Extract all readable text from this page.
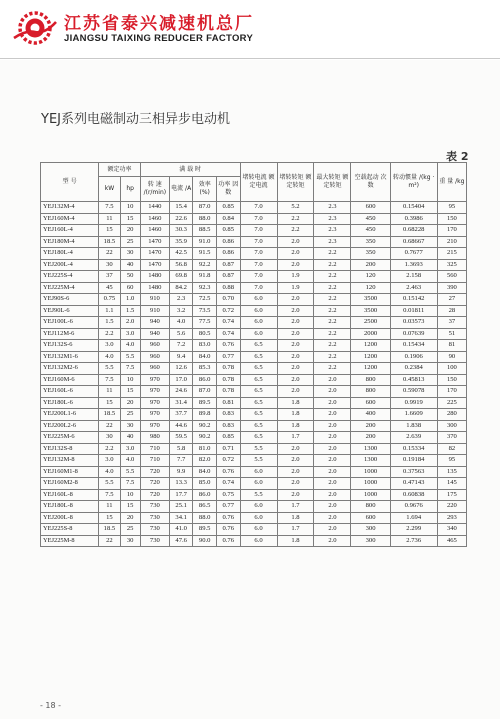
江苏省泰兴减速机总厂
JIANGSU TAIXING REDUCER FACTORY
YEJ系列电磁制动三相异步电动机
表 2
型 号	额定功率		满 载 时				堵转电流 额定电流	堵转转矩 额定转矩	最大转矩 额定转矩	空载起动 次 数	转动惯量 /(kg · m²)	重 量 /kg
	kW	hp	转 速 /(r/min)	电流 /A	效率 (%)	功率 因数						
YEJ132M-4	7.5	10	1440	15.4	87.0	0.85	7.0	5.2	2.3	600	0.15404	95
YEJ160M-4	11	15	1460	22.6	88.0	0.84	7.0	2.2	2.3	450	0.3986	150
YEJ160L-4	15	20	1460	30.3	88.5	0.85	7.0	2.2	2.3	450	0.68228	170
YEJ180M-4	18.5	25	1470	35.9	91.0	0.86	7.0	2.0	2.3	350	0.68667	210
YEJ180L-4	22	30	1470	42.5	91.5	0.86	7.0	2.0	2.2	350	0.7677	215
YEJ200L-4	30	40	1470	56.8	92.2	0.87	7.0	2.0	2.2	200	1.3693	325
YEJ225S-4	37	50	1480	69.8	91.8	0.87	7.0	1.9	2.2	120	2.158	560
YEJ225M-4	45	60	1480	84.2	92.3	0.88	7.0	1.9	2.2	120	2.463	390
YEJ90S-6	0.75	1.0	910	2.3	72.5	0.70	6.0	2.0	2.2	3500	0.15142	27
YEJ90L-6	1.1	1.5	910	3.2	73.5	0.72	6.0	2.0	2.2	3500	0.01811	28
YEJ100L-6	1.5	2.0	940	4.0	77.5	0.74	6.0	2.0	2.2	2500	0.03573	37
YEJ112M-6	2.2	3.0	940	5.6	80.5	0.74	6.0	2.0	2.2	2000	0.07639	51
YEJ132S-6	3.0	4.0	960	7.2	83.0	0.76	6.5	2.0	2.2	1200	0.15434	81
YEJ132M1-6	4.0	5.5	960	9.4	84.0	0.77	6.5	2.0	2.2	1200	0.1906	90
YEJ132M2-6	5.5	7.5	960	12.6	85.3	0.78	6.5	2.0	2.2	1200	0.2384	100
YEJ160M-6	7.5	10	970	17.0	86.0	0.78	6.5	2.0	2.0	800	0.45813	150
YEJ160L-6	11	15	970	24.6	87.0	0.78	6.5	2.0	2.0	800	0.59078	170
YEJ180L-6	15	20	970	31.4	89.5	0.81	6.5	1.8	2.0	600	0.9919	225
YEJ200L1-6	18.5	25	970	37.7	89.8	0.83	6.5	1.8	2.0	400	1.6609	280
YEJ200L2-6	22	30	970	44.6	90.2	0.83	6.5	1.8	2.0	200	1.838	300
YEJ225M-6	30	40	980	59.5	90.2	0.85	6.5	1.7	2.0	200	2.639	370
YEJ132S-8	2.2	3.0	710	5.8	81.0	0.71	5.5	2.0	2.0	1300	0.15334	82
YEJ132M-8	3.0	4.0	710	7.7	82.0	0.72	5.5	2.0	2.0	1300	0.19184	95
YEJ160M1-8	4.0	5.5	720	9.9	84.0	0.76	6.0	2.0	2.0	1000	0.37563	135
YEJ160M2-8	5.5	7.5	720	13.3	85.0	0.74	6.0	2.0	2.0	1000	0.47143	145
YEJ160L-8	7.5	10	720	17.7	86.0	0.75	5.5	2.0	2.0	1000	0.60838	175
YEJ180L-8	11	15	730	25.1	86.5	0.77	6.0	1.7	2.0	800	0.9676	220
YEJ200L-8	15	20	730	34.1	88.0	0.76	6.0	1.8	2.0	600	1.694	293
YEJ225S-8	18.5	25	730	41.0	89.5	0.76	6.0	1.7	2.0	300	2.299	340
YEJ225M-8	22	30	730	47.6	90.0	0.76	6.0	1.8	2.0	300	2.736	465
- 18 -
